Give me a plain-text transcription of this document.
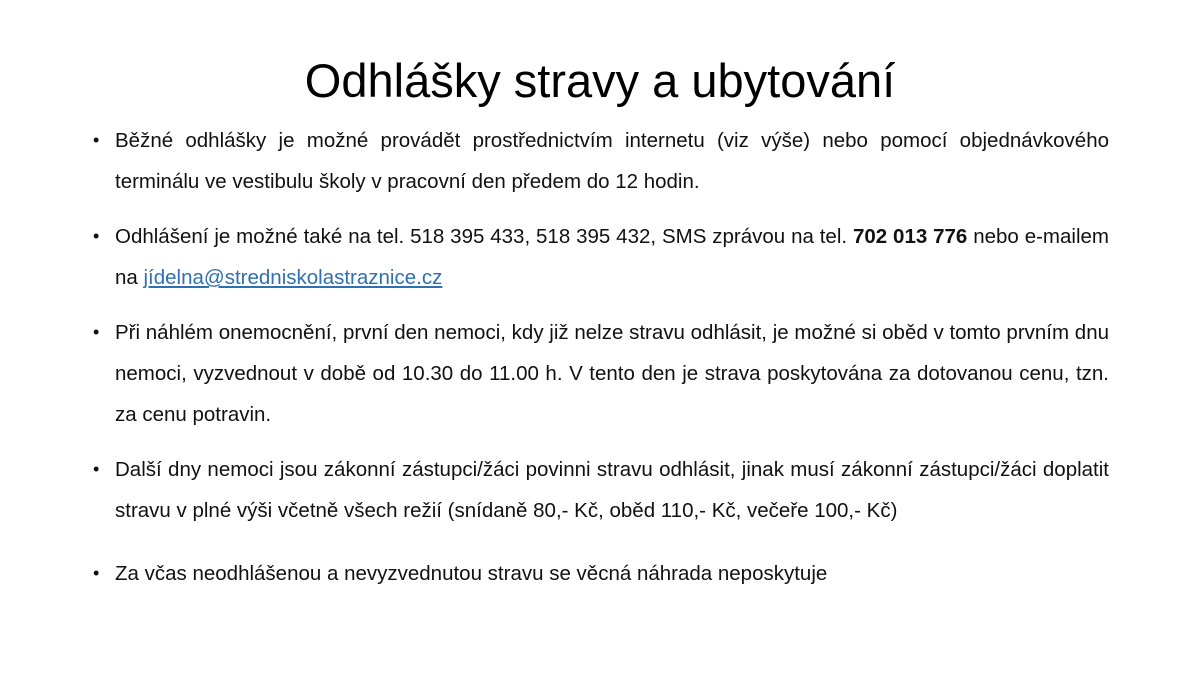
Odhlášky stravy a ubytování
• Běžné odhlášky je možné provádět prostřednictvím internetu (viz výše) nebo pomocí objednávkového terminálu ve vestibulu školy v pracovní den předem do 12 hodin.
• Odhlášení je možné také na tel. 518 395 433, 518 395 432, SMS zprávou na tel. 702 013 776 nebo e-mailem na jídelna@stredniskolastraznice.cz
• Při náhlém onemocnění, první den nemoci, kdy již nelze stravu odhlásit, je možné si oběd v tomto prvním dnu nemoci, vyzvednout v době od 10.30 do 11.00 h. V tento den je strava poskytována za dotovanou cenu, tzn. za cenu potravin.
• Další dny nemoci jsou zákonní zástupci/žáci povinni stravu odhlásit, jinak musí zákonní zástupci/žáci doplatit stravu v plné výši včetně všech režií (snídaně 80,- Kč, oběd 110,- Kč, večeře 100,- Kč)
• Za včas neodhlášenou a nevyzvednutou stravu se věcná náhrada neposkytuje
